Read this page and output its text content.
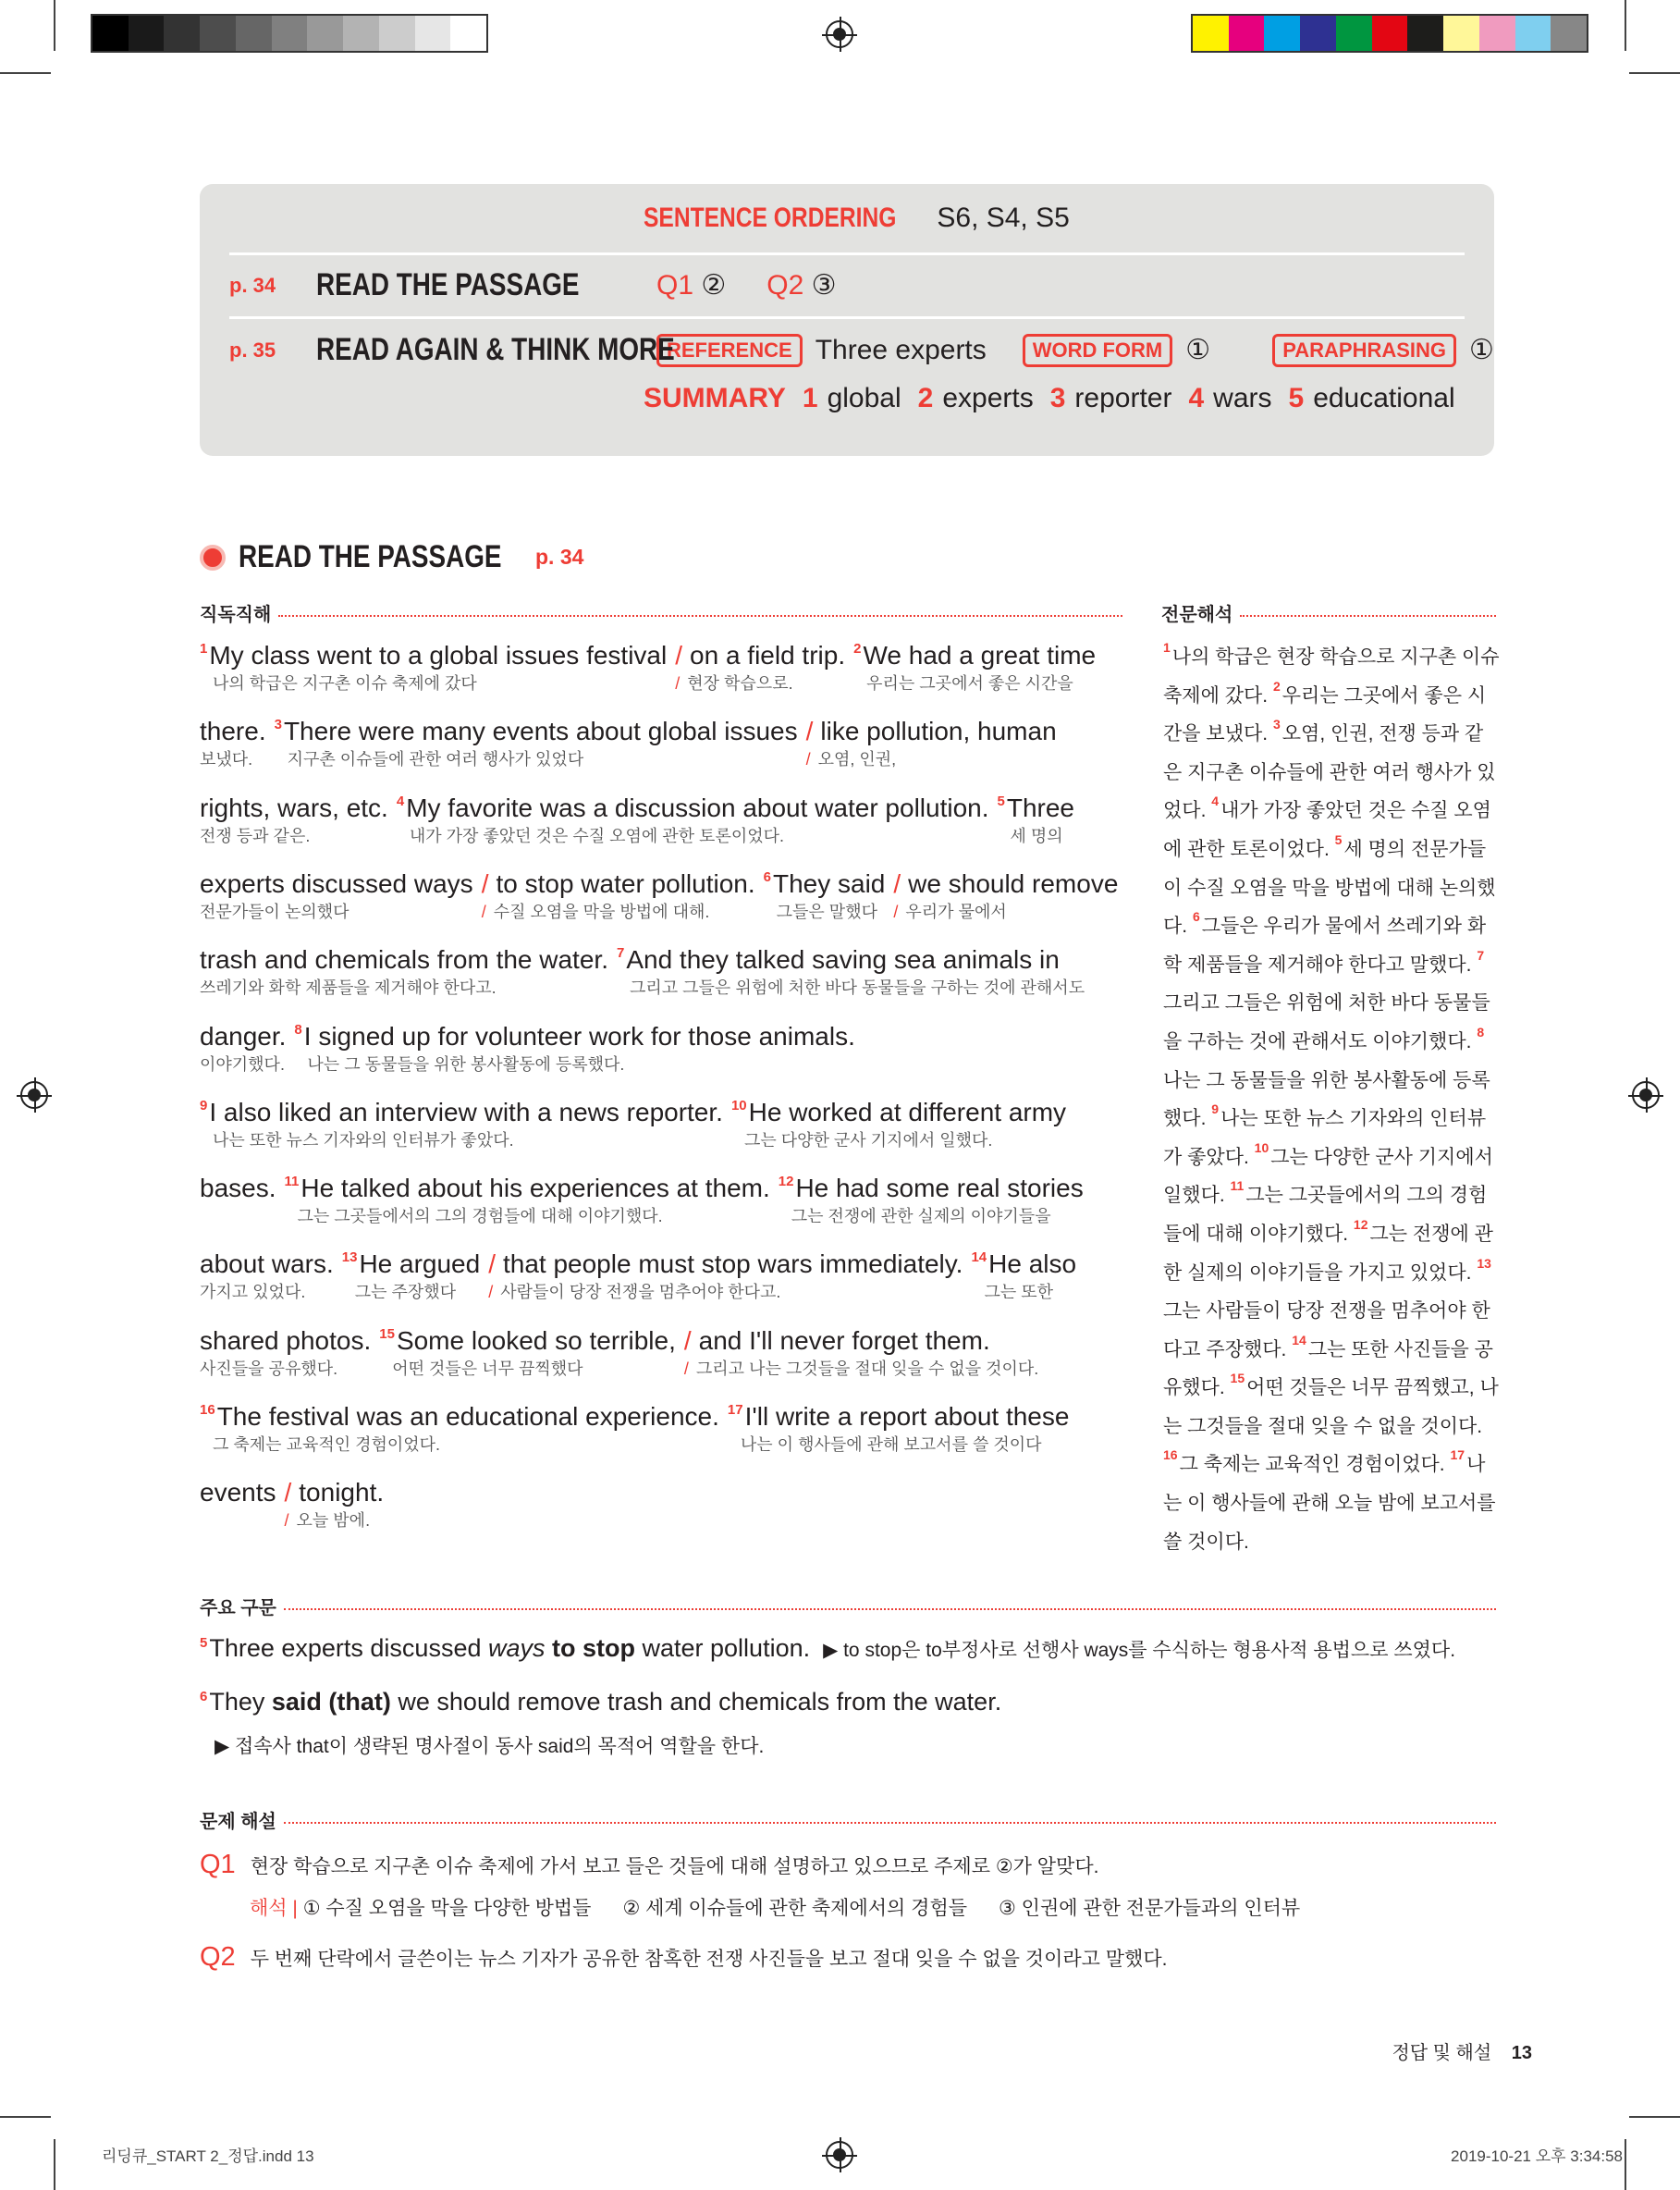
SENTENCE ORDERING S6, S4, S5
p. 34	READ THE PASSAGE	Q1 ② Q2 ③
p. 35	READ AGAIN & THINK MORE
REFERENCE Three experts	WORD FORM ①	PARAPHRASING ①
SUMMARY 1 global 2 experts 3 reporter 4 wars 5 educational
READ THE PASSAGE p. 34
직독직해	전문해석
$^1$My class went to a global issues festival
나의 학급은 지구촌 이슈 축제에 갔다
/ on a field trip.
/ 현장 학습으로.
$^2$We had a great time
우리는 그곳에서 좋은 시간을
there.
보냈다.
$^3$There were many events about global issues
지구촌 이슈들에 관한 여러 행사가 있었다
/ like pollution, human
/ 오염, 인권,
rights, wars, etc.
전쟁 등과 같은.
$^4$My favorite was a discussion about water pollution.
내가 가장 좋았던 것은 수질 오염에 관한 토론이었다.
$^5$Three
세 명의
experts discussed ways
전문가들이 논의했다
/ to stop water pollution.
/ 수질 오염을 막을 방법에 대해.
$^6$They said
그들은 말했다
/ we should remove
/ 우리가 물에서
trash and chemicals from the water.
쓰레기와 화학 제품들을 제거해야 한다고.
$^7$And they talked saving sea animals in
그리고 그들은 위험에 처한 바다 동물들을 구하는 것에 관해서도
danger.
이야기했다.
$^8$I signed up for volunteer work for those animals.
나는 그 동물들을 위한 봉사활동에 등록했다.
$^9$I also liked an interview with a news reporter.
나는 또한 뉴스 기자와의 인터뷰가 좋았다.
$^{10}$He worked at different army
그는 다양한 군사 기지에서 일했다.
bases. $^{11}$He talked about his experiences at them.
그는 그곳들에서의 그의 경험들에 대해 이야기했다.
$^{12}$He had some real stories
그는 전쟁에 관한 실제의 이야기들을
about wars.
가지고 있었다.
$^{13}$He argued
그는 주장했다
/ that people must stop wars immediately.
/ 사람들이 당장 전쟁을 멈추어야 한다고.
$^{14}$He also
그는 또한
shared photos.
사진들을 공유했다.
$^{15}$Some looked so terrible,
어떤 것들은 너무 끔찍했다
/ and I'll never forget them.
/ 그리고 나는 그것들을 절대 잊을 수 없을 것이다.
$^{16}$The festival was an educational experience.
그 축제는 교육적인 경험이었다.
$^{17}$I'll write a report about these
나는 이 행사들에 관해 보고서를 쓸 것이다
events / tonight.
/ 오늘 밤에.
$^1$나의 학급은 현장 학습으로 지구촌 이슈 축제에 갔다. $^2$우리는 그곳에서 좋은 시간을 보냈다. $^3$오염, 인권, 전쟁 등과 같은 지구촌 이슈들에 관한 여러 행사가 있었다. $^4$내가 가장 좋았던 것은 수질 오염에 관한 토론이었다. $^5$세 명의 전문가들이 수질 오염을 막을 방법에 대해 논의했다. $^6$그들은 우리가 물에서 쓰레기와 화학 제품들을 제거해야 한다고 말했다. $^7$그리고 그들은 위험에 처한 바다 동물들을 구하는 것에 관해서도 이야기했다. $^8$나는 그 동물들을 위한 봉사활동에 등록했다. $^9$나는 또한 뉴스 기자와의 인터뷰가 좋았다. $^{10}$그는 다양한 군사 기지에서 일했다. $^{11}$그는 그곳들에서의 그의 경험들에 대해 이야기했다. $^{12}$그는 전쟁에 관한 실제의 이야기들을 가지고 있었다. $^{13}$그는 사람들이 당장 전쟁을 멈추어야 한다고 주장했다. $^{14}$그는 또한 사진들을 공유했다. $^{15}$어떤 것들은 너무 끔찍했고, 나는 그것들을 절대 잊을 수 없을 것이다. $^{16}$그 축제는 교육적인 경험이었다. $^{17}$나는 이 행사들에 관해 오늘 밤에 보고서를 쓸 것이다.
주요 구문
$^5$Three experts discussed ways to stop water pollution. ▶ to stop은 to부정사로 선행사 ways를 수식하는 형용사적 용법으로 쓰였다.
$^6$They said (that) we should remove trash and chemicals from the water.
▶ 접속사 that이 생략된 명사절이 동사 said의 목적어 역할을 한다.
문제 해설
Q1 현장 학습으로 지구촌 이슈 축제에 가서 보고 들은 것들에 대해 설명하고 있으므로 주제로 ②가 알맞다.
해석 | ① 수질 오염을 막을 다양한 방법들 ② 세계 이슈들에 관한 축제에서의 경험들 ③ 인권에 관한 전문가들과의 인터뷰
Q2 두 번째 단락에서 글쓴이는 뉴스 기자가 공유한 참혹한 전쟁 사진들을 보고 절대 잊을 수 없을 것이라고 말했다.
정답 및 해설 13
리딩큐_START 2_정답.indd 13	2019-10-21 오후 3:34:58
